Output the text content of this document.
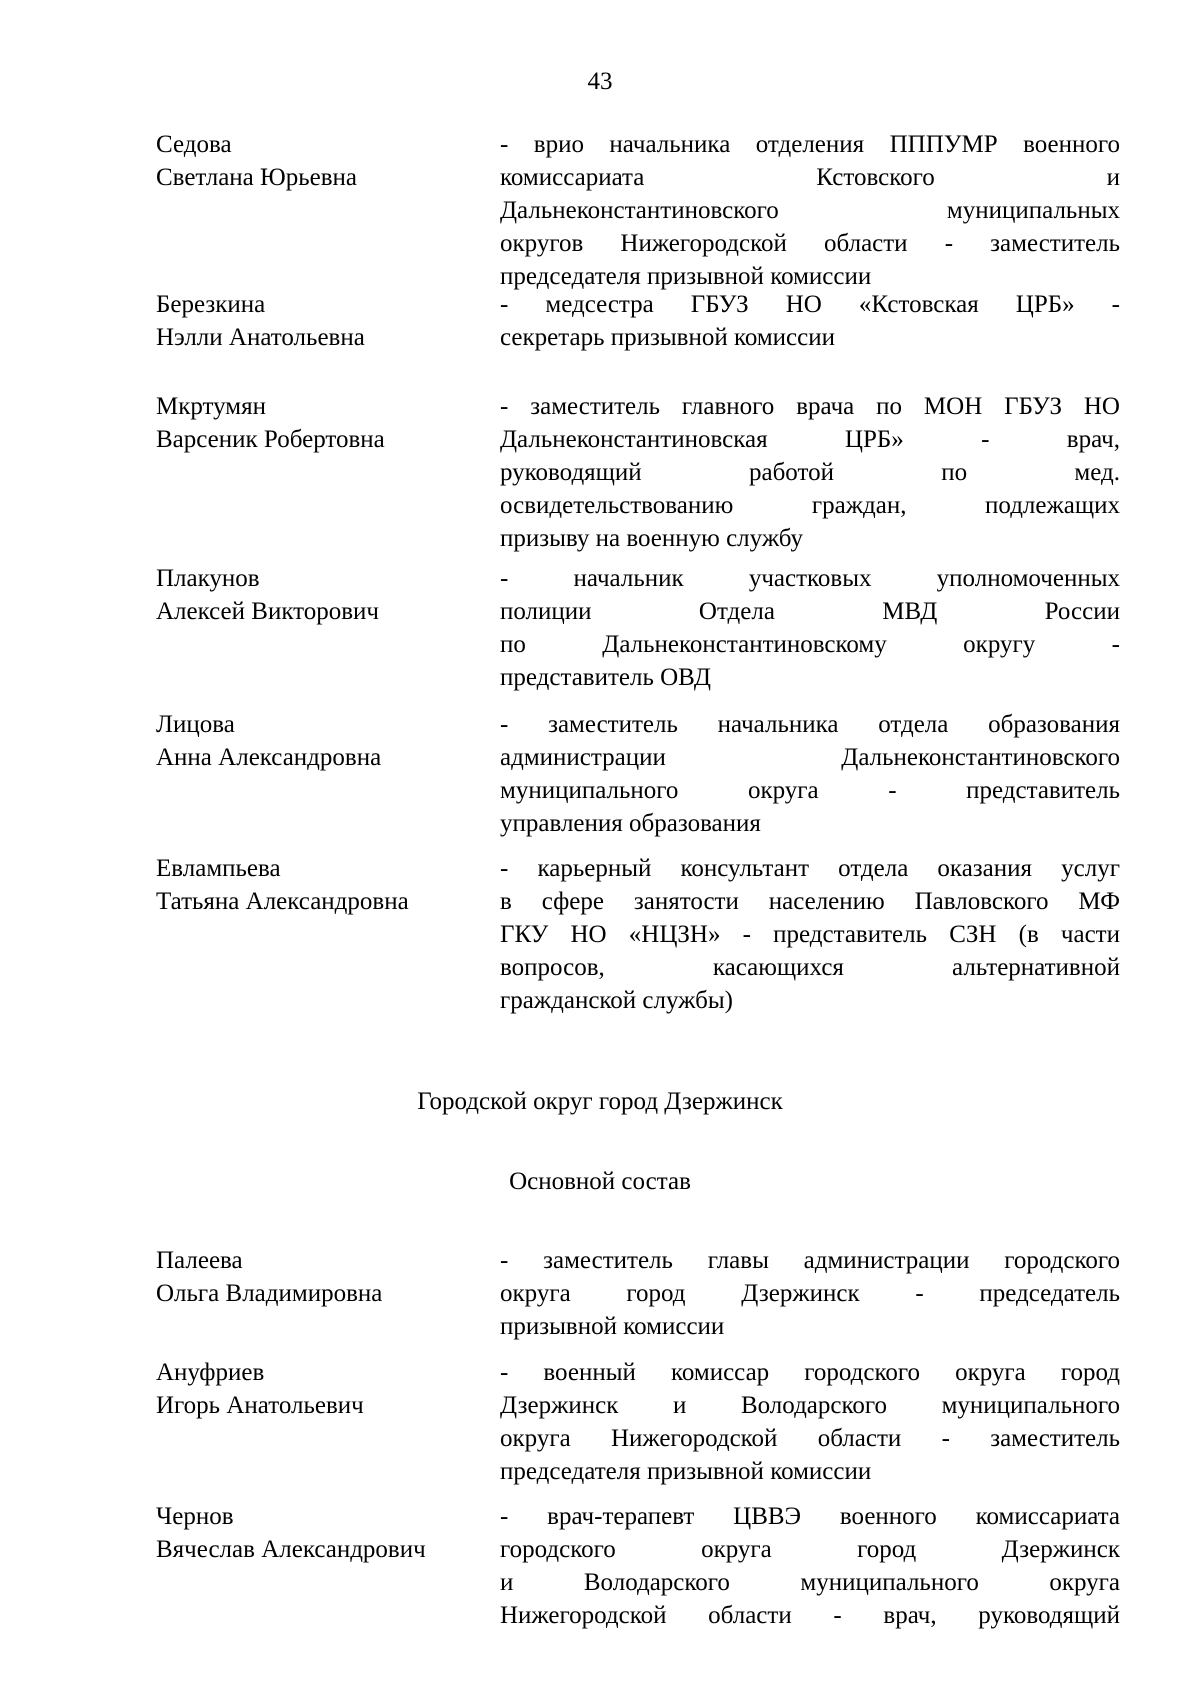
43
Седова
Светлана Юрьевна
- врио начальника отделения ПППУМР военного
комиссариата Кстовского и
Дальнеконстантиновского муниципальных
округов Нижегородской области - заместитель
председателя призывной комиссии
Березкина
Нэлли Анатольевна
- медсестра ГБУЗ НО «Кстовская ЦРБ» -
секретарь призывной комиссии
Мкртумян
Варсеник Робертовна
- заместитель главного врача по МОН ГБУЗ НО
Дальнеконстантиновская ЦРБ» - врач,
руководящий работой по мед.
освидетельствованию граждан, подлежащих
призыву на военную службу
Плакунов
Алексей Викторович
- начальник участковых уполномоченных
полиции Отдела МВД России
по Дальнеконстантиновскому округу -
представитель ОВД
Лицова
Анна Александровна
- заместитель начальника отдела образования
администрации Дальнеконстантиновского
муниципального округа - представитель
управления образования
Евлампьева
Татьяна Александровна
- карьерный консультант отдела оказания услуг
в сфере занятости населению Павловского МФ
ГКУ НО «НЦЗН» - представитель СЗН (в части
вопросов, касающихся альтернативной
гражданской службы)
Городской округ город Дзержинск
Основной состав
Палеева
Ольга Владимировна
- заместитель главы администрации городского
округа город Дзержинск - председатель
призывной комиссии
Ануфриев
Игорь Анатольевич
- военный комиссар городского округа город
Дзержинск и Володарского муниципального
округа Нижегородской области - заместитель
председателя призывной комиссии
Чернов
Вячеслав Александрович
- врач-терапевт ЦВВЭ военного комиссариата
городского округа город Дзержинск
и Володарского муниципального округа
Нижегородской области - врач, руководящий
